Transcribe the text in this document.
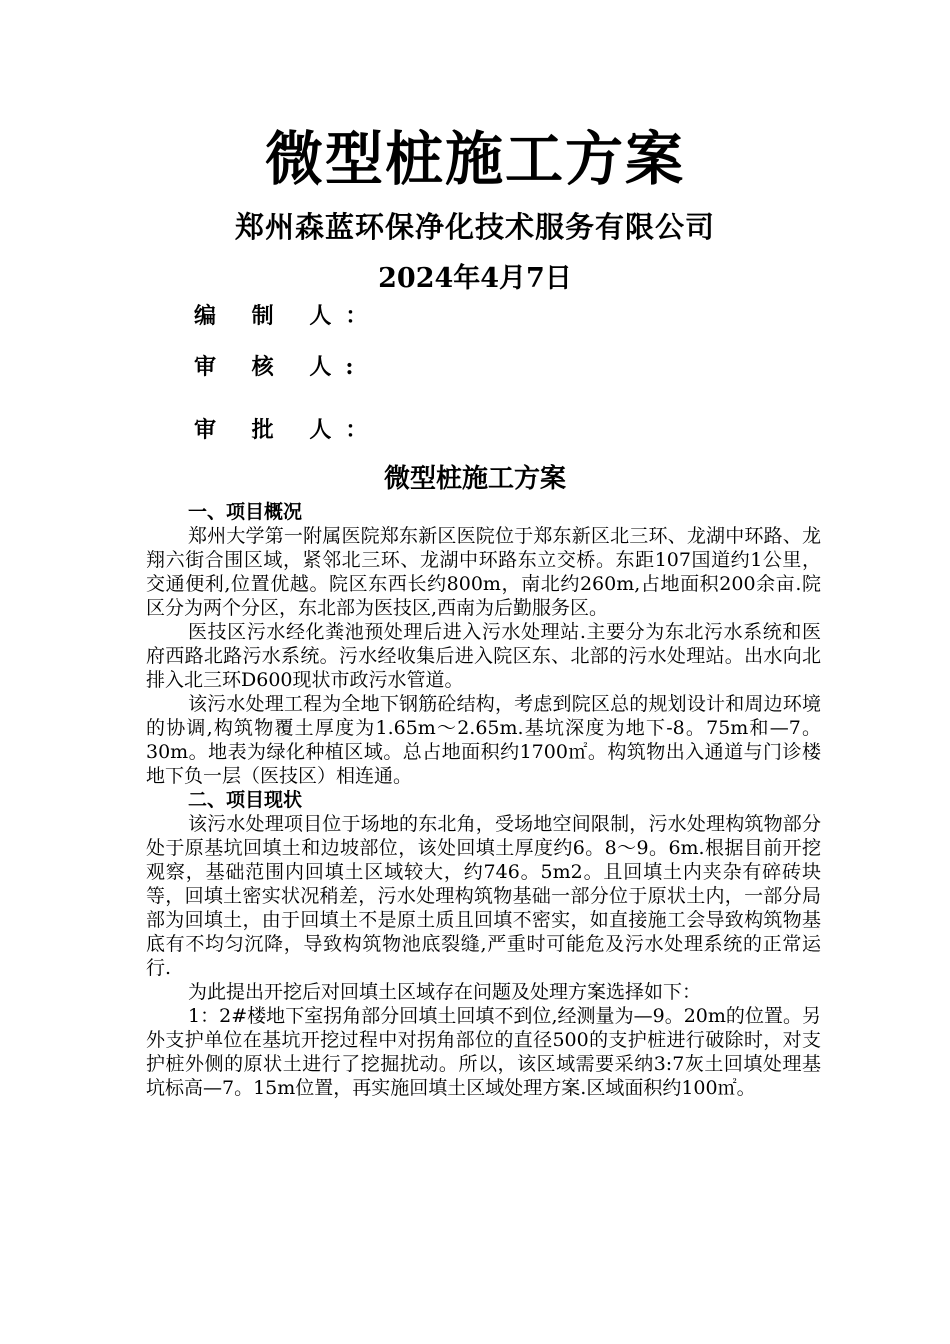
微型桩施工方案
郑州森蓝环保净化技术服务有限公司
2024年4月7日
编 制 人：
审 核 人:
审 批 人：
微型桩施工方案

一、项目概况

郑州大学第一附属医院郑东新区医院位于郑东新区北三环、龙湖中环路、龙翔六街合围区域，紧邻北三环、龙湖中环路东立交桥。东距107国道约1公里，交通便利,位置优越。院区东西长约800m，南北约260m,占地面积200余亩.院区分为两个分区，东北部为医技区,西南为后勤服务区。

医技区污水经化粪池预处理后进入污水处理站.主要分为东北污水系统和医府西路北路污水系统。污水经收集后进入院区东、北部的污水处理站。出水向北排入北三环D600现状市政污水管道。

该污水处理工程为全地下钢筋砼结构，考虑到院区总的规划设计和周边环境的协调,构筑物覆土厚度为1.65m～2.65m.基坑深度为地下-8。75m和—7。30m。地表为绿化种植区域。总占地面积约1700㎡。构筑物出入通道与门诊楼地下负一层（医技区）相连通。

二、项目现状

该污水处理项目位于场地的东北角，受场地空间限制，污水处理构筑物部分处于原基坑回填土和边坡部位，该处回填土厚度约6。8～9。6m.根据目前开挖观察，基础范围内回填土区域较大，约746。5m2。且回填土内夹杂有碎砖块等，回填土密实状况稍差，污水处理构筑物基础一部分位于原状土内，一部分局部为回填土，由于回填土不是原土质且回填不密实，如直接施工会导致构筑物基底有不均匀沉降，导致构筑物池底裂缝,严重时可能危及污水处理系统的正常运行.

为此提出开挖后对回填土区域存在问题及处理方案选择如下：

1：2#楼地下室拐角部分回填土回填不到位,经测量为—9。20m的位置。另外支护单位在基坑开挖过程中对拐角部位的直径500的支护桩进行破除时，对支护桩外侧的原状土进行了挖掘扰动。所以，该区域需要采纳3:7灰土回填处理基坑标高—7。15m位置，再实施回填土区域处理方案.区域面积约100㎡。
